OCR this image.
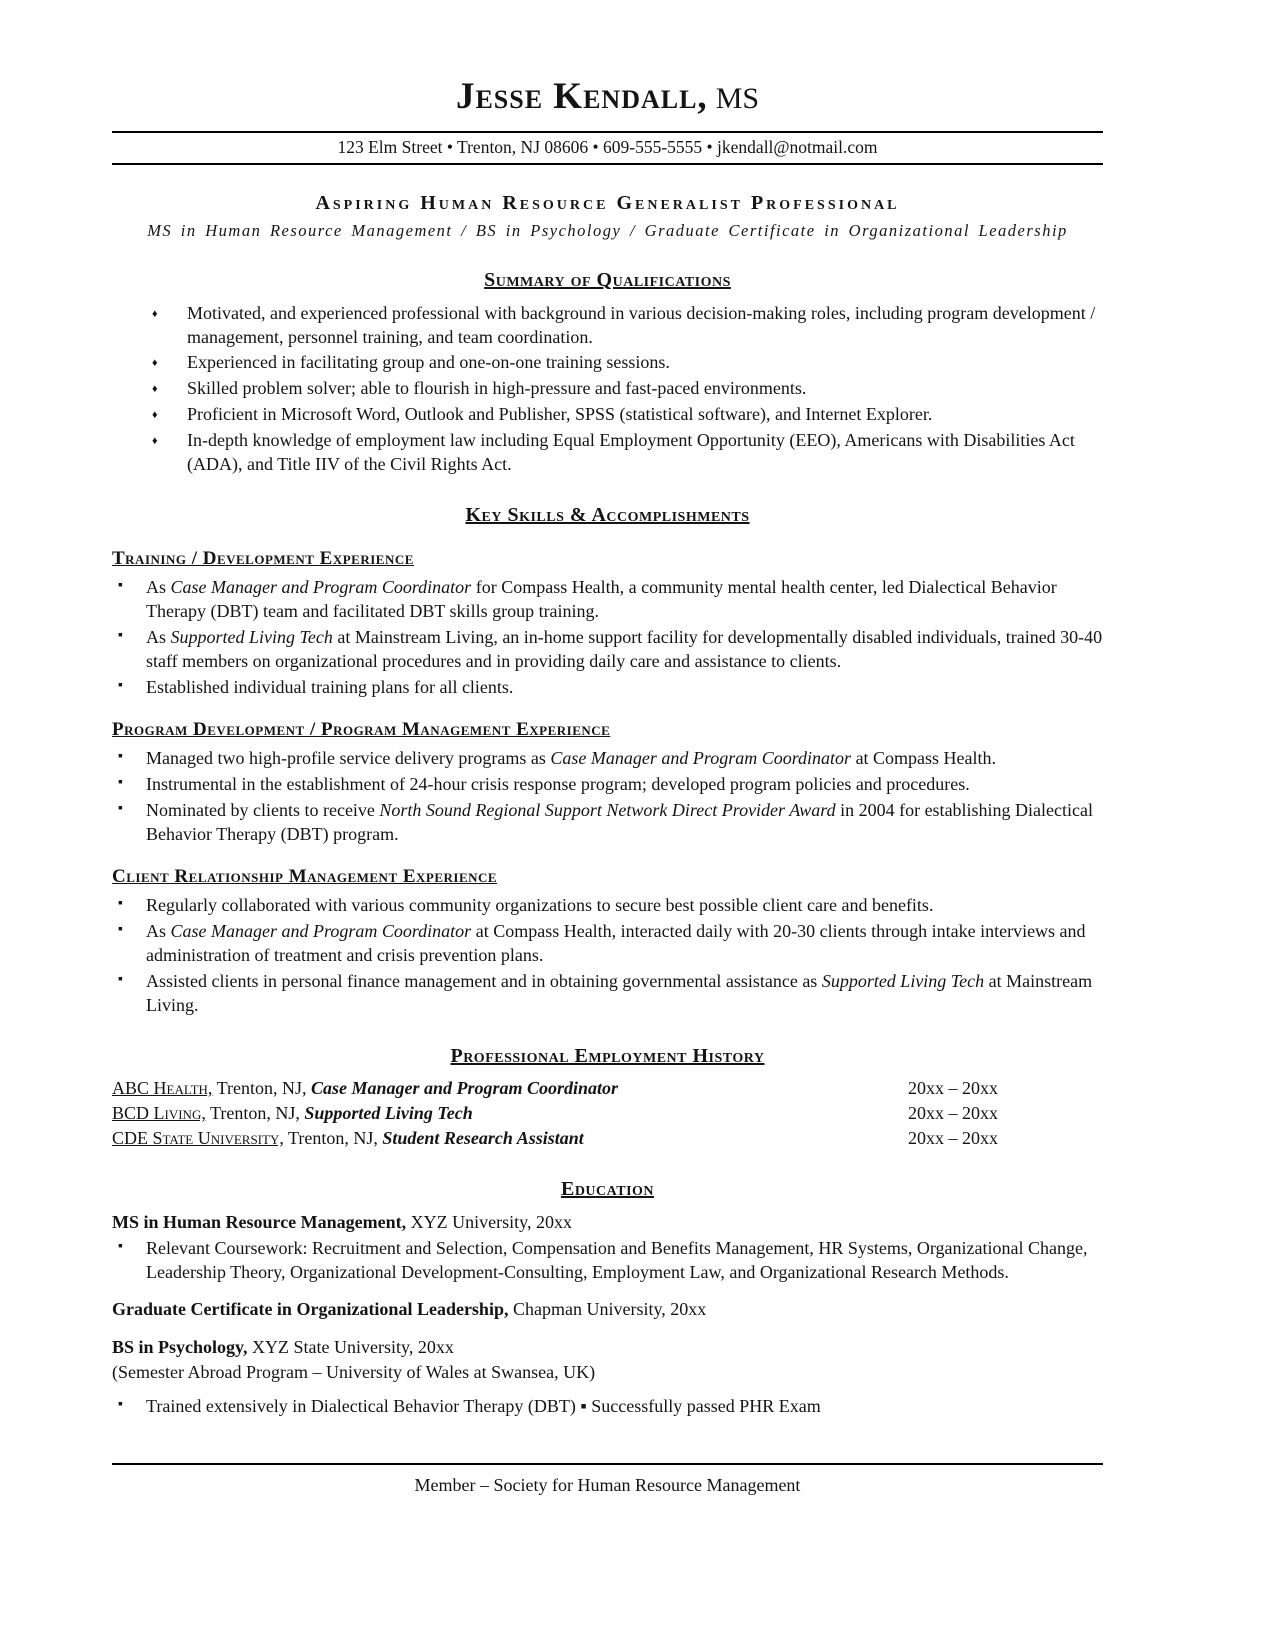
Jesse Kendall, MS
123 Elm Street • Trenton, NJ 08606 • 609-555-5555 • jkendall@notmail.com
Aspiring Human Resource Generalist Professional
MS in Human Resource Management / BS in Psychology / Graduate Certificate in Organizational Leadership
Summary of Qualifications
♦	Motivated, and experienced professional with background in various decision-making roles, including program development / management, personnel training, and team coordination.
♦	Experienced in facilitating group and one-on-one training sessions.
♦	Skilled problem solver; able to flourish in high-pressure and fast-paced environments.
♦	Proficient in Microsoft Word, Outlook and Publisher, SPSS (statistical software), and Internet Explorer.
♦	In-depth knowledge of employment law including Equal Employment Opportunity (EEO), Americans with Disabilities Act (ADA), and Title IIV of the Civil Rights Act.
Key Skills & Accomplishments
Training / Development Experience
▪	As Case Manager and Program Coordinator for Compass Health, a community mental health center, led Dialectical Behavior Therapy (DBT) team and facilitated DBT skills group training.
▪	As Supported Living Tech at Mainstream Living, an in-home support facility for developmentally disabled individuals, trained 30-40 staff members on organizational procedures and in providing daily care and assistance to clients.
▪	Established individual training plans for all clients.
Program Development / Program Management Experience
▪	Managed two high-profile service delivery programs as Case Manager and Program Coordinator at Compass Health.
▪	Instrumental in the establishment of 24-hour crisis response program; developed program policies and procedures.
▪	Nominated by clients to receive North Sound Regional Support Network Direct Provider Award in 2004 for establishing Dialectical Behavior Therapy (DBT) program.
Client Relationship Management Experience
▪	Regularly collaborated with various community organizations to secure best possible client care and benefits.
▪	As Case Manager and Program Coordinator at Compass Health, interacted daily with 20-30 clients through intake interviews and administration of treatment and crisis prevention plans.
▪	Assisted clients in personal finance management and in obtaining governmental assistance as Supported Living Tech at Mainstream Living.
Professional Employment History
ABC Health, Trenton, NJ, Case Manager and Program Coordinator	20xx – 20xx
BCD Living, Trenton, NJ, Supported Living Tech	20xx – 20xx
CDE State University, Trenton, NJ, Student Research Assistant	20xx – 20xx
Education
MS in Human Resource Management, XYZ University, 20xx
▪	Relevant Coursework: Recruitment and Selection, Compensation and Benefits Management, HR Systems, Organizational Change, Leadership Theory, Organizational Development-Consulting, Employment Law, and Organizational Research Methods.
Graduate Certificate in Organizational Leadership, Chapman University, 20xx
BS in Psychology, XYZ State University, 20xx
(Semester Abroad Program – University of Wales at Swansea, UK)
▪	Trained extensively in Dialectical Behavior Therapy (DBT) ▪ Successfully passed PHR Exam
Member – Society for Human Resource Management
